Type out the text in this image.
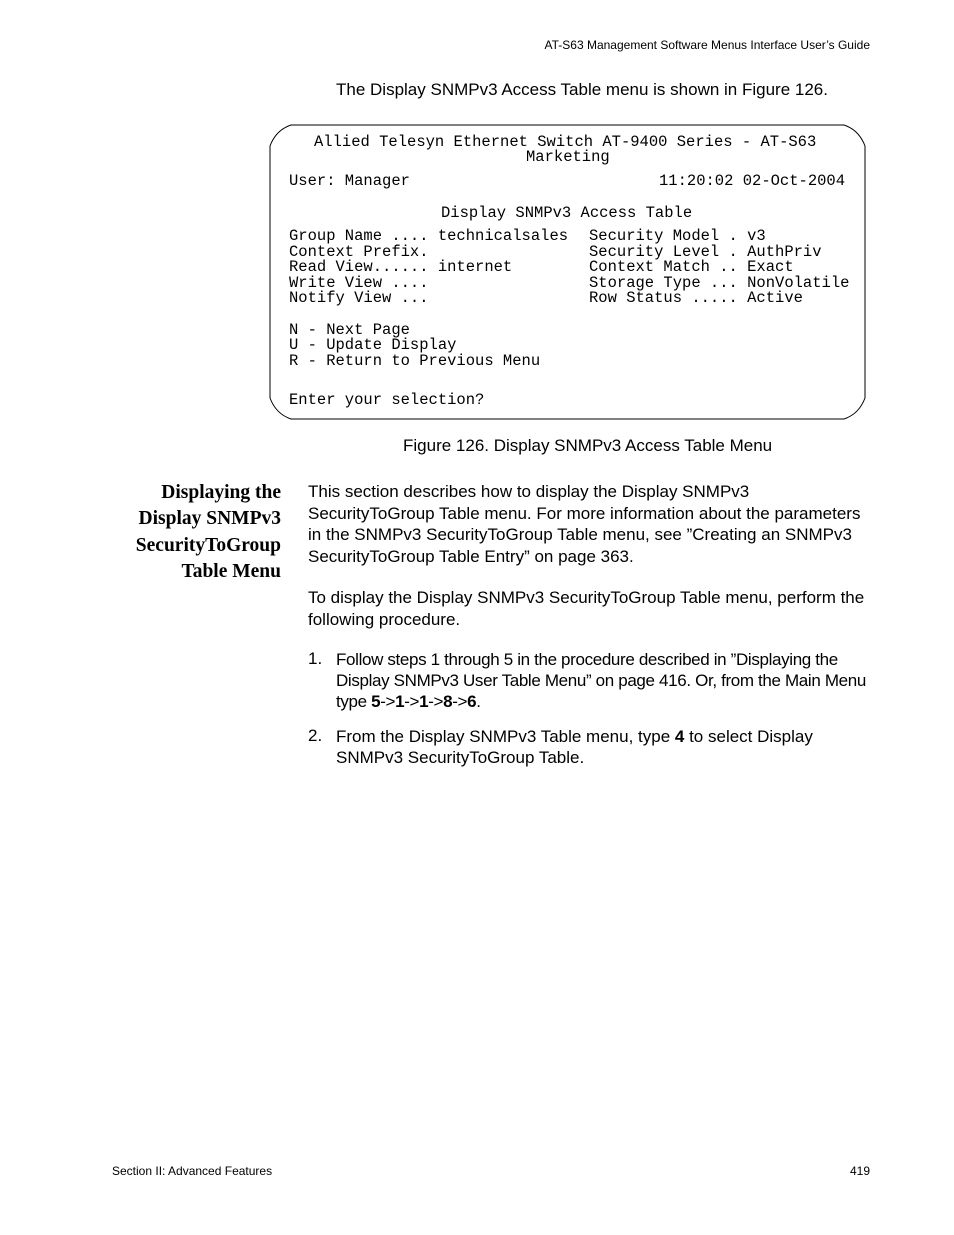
AT-S63 Management Software Menus Interface User’s Guide
The Display SNMPv3 Access Table menu is shown in Figure 126.

Allied Telesyn Ethernet Switch AT-9400 Series - AT-S63

Marketing

User: Manager

	11:20:02 02-Oct-2004

Display SNMPv3 Access Table

Group Name .... technicalsales

Context Prefix.

Read View...... internet

Write View ....

Notify View ...

Security Model . v3

Security Level . AuthPriv

Context Match .. Exact

Storage Type ... NonVolatile

Row Status ..... Active

N - Next Page

U - Update Display

R - Return to Previous Menu

Enter your selection?

Figure 126. Display SNMPv3 Access Table Menu
Displaying the
Display SNMPv3
SecurityToGroup
Table Menu
This section describes how to display the Display SNMPv3 SecurityToGroup Table menu. For more information about the parameters in the SNMPv3 SecurityToGroup Table menu, see ”Creating an SNMPv3 SecurityToGroup Table Entry” on page 363.
To display the Display SNMPv3 SecurityToGroup Table menu, perform the following procedure.
1. Follow steps 1 through 5 in the procedure described in ”Displaying the Display SNMPv3 User Table Menu” on page 416. Or, from the Main Menu type 5->1->1->8->6.
2. From the Display SNMPv3 Table menu, type 4 to select Display SNMPv3 SecurityToGroup Table.
Section II: Advanced Features	419
